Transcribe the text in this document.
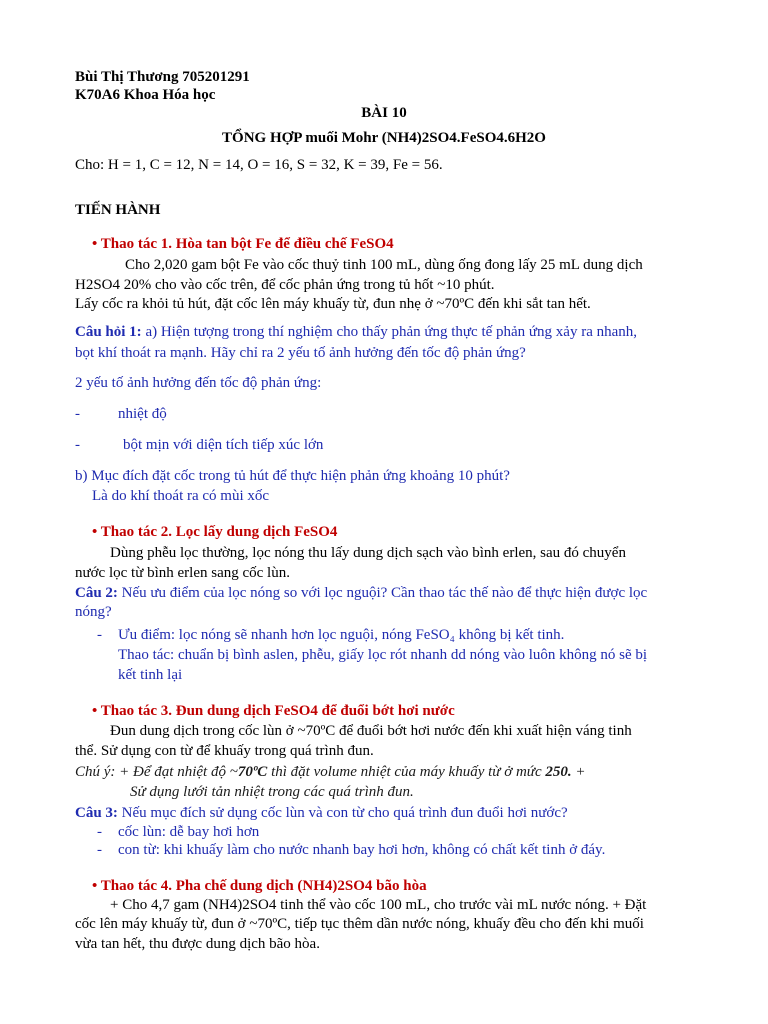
Bùi Thị Thương 705201291
K70A6 Khoa Hóa học
BÀI 10
TỔNG HỢP muối Mohr (NH4)2SO4.FeSO4.6H2O
Cho: H = 1, C = 12, N = 14, O = 16, S = 32, K = 39, Fe = 56.
TIẾN HÀNH
• Thao tác 1. Hòa tan bột Fe để điều chế FeSO4
Cho 2,020 gam bột Fe vào cốc thuỷ tinh 100 mL, dùng ống đong lấy 25 mL dung dịch
H2SO4 20% cho vào cốc trên, để cốc phản ứng trong tủ hốt ~10 phút.
Lấy cốc ra khỏi tủ hút, đặt cốc lên máy khuấy từ, đun nhẹ ở ~70ºC đến khi sắt tan hết.
Câu hỏi 1: a) Hiện tượng trong thí nghiệm cho thấy phản ứng thực tế phản ứng xảy ra nhanh,
bọt khí thoát ra mạnh. Hãy chỉ ra 2 yếu tố ảnh hưởng đến tốc độ phản ứng?
2 yếu tố ảnh hưởng đến tốc độ phản ứng:
-	nhiệt độ
-	bột mịn với diện tích tiếp xúc lớn
b) Mục đích đặt cốc trong tủ hút để thực hiện phản ứng khoảng 10 phút?
Là do khí thoát ra có mùi xốc
• Thao tác 2. Lọc lấy dung dịch FeSO4
Dùng phễu lọc thường, lọc nóng thu lấy dung dịch sạch vào bình erlen, sau đó chuyển
nước lọc từ bình erlen sang cốc lùn.
Câu 2: Nếu ưu điểm của lọc nóng so với lọc nguội? Cần thao tác thế nào để thực hiện được lọc
nóng?
- Ưu điểm: lọc nóng sẽ nhanh hơn lọc nguội, nóng FeSO₄ không bị kết tinh.
Thao tác: chuẩn bị bình aslen, phễu, giấy lọc rót nhanh dd nóng vào luôn không nó sẽ bị
kết tinh lại
• Thao tác 3. Đun dung dịch FeSO4 để đuổi bớt hơi nước
Đun dung dịch trong cốc lùn ở ~70ºC để đuổi bớt hơi nước đến khi xuất hiện váng tinh
thể. Sử dụng con từ để khuấy trong quá trình đun.
Chú ý: + Để đạt nhiệt độ ~70ºC thì đặt volume nhiệt của máy khuấy từ ở mức 250. +
Sử dụng lưới tản nhiệt trong các quá trình đun.
Câu 3: Nếu mục đích sử dụng cốc lùn và con từ cho quá trình đun đuổi hơi nước?
- cốc lùn: dễ bay hơi hơn
- con từ: khi khuấy làm cho nước nhanh bay hơi hơn, không có chất kết tinh ở đáy.
• Thao tác 4. Pha chế dung dịch (NH4)2SO4 bão hòa
+ Cho 4,7 gam (NH4)2SO4 tinh thể vào cốc 100 mL, cho trước vài mL nước nóng. + Đặt
cốc lên máy khuấy từ, đun ở ~70ºC, tiếp tục thêm dần nước nóng, khuấy đều cho đến khi muối
vừa tan hết, thu được dung dịch bão hòa.
